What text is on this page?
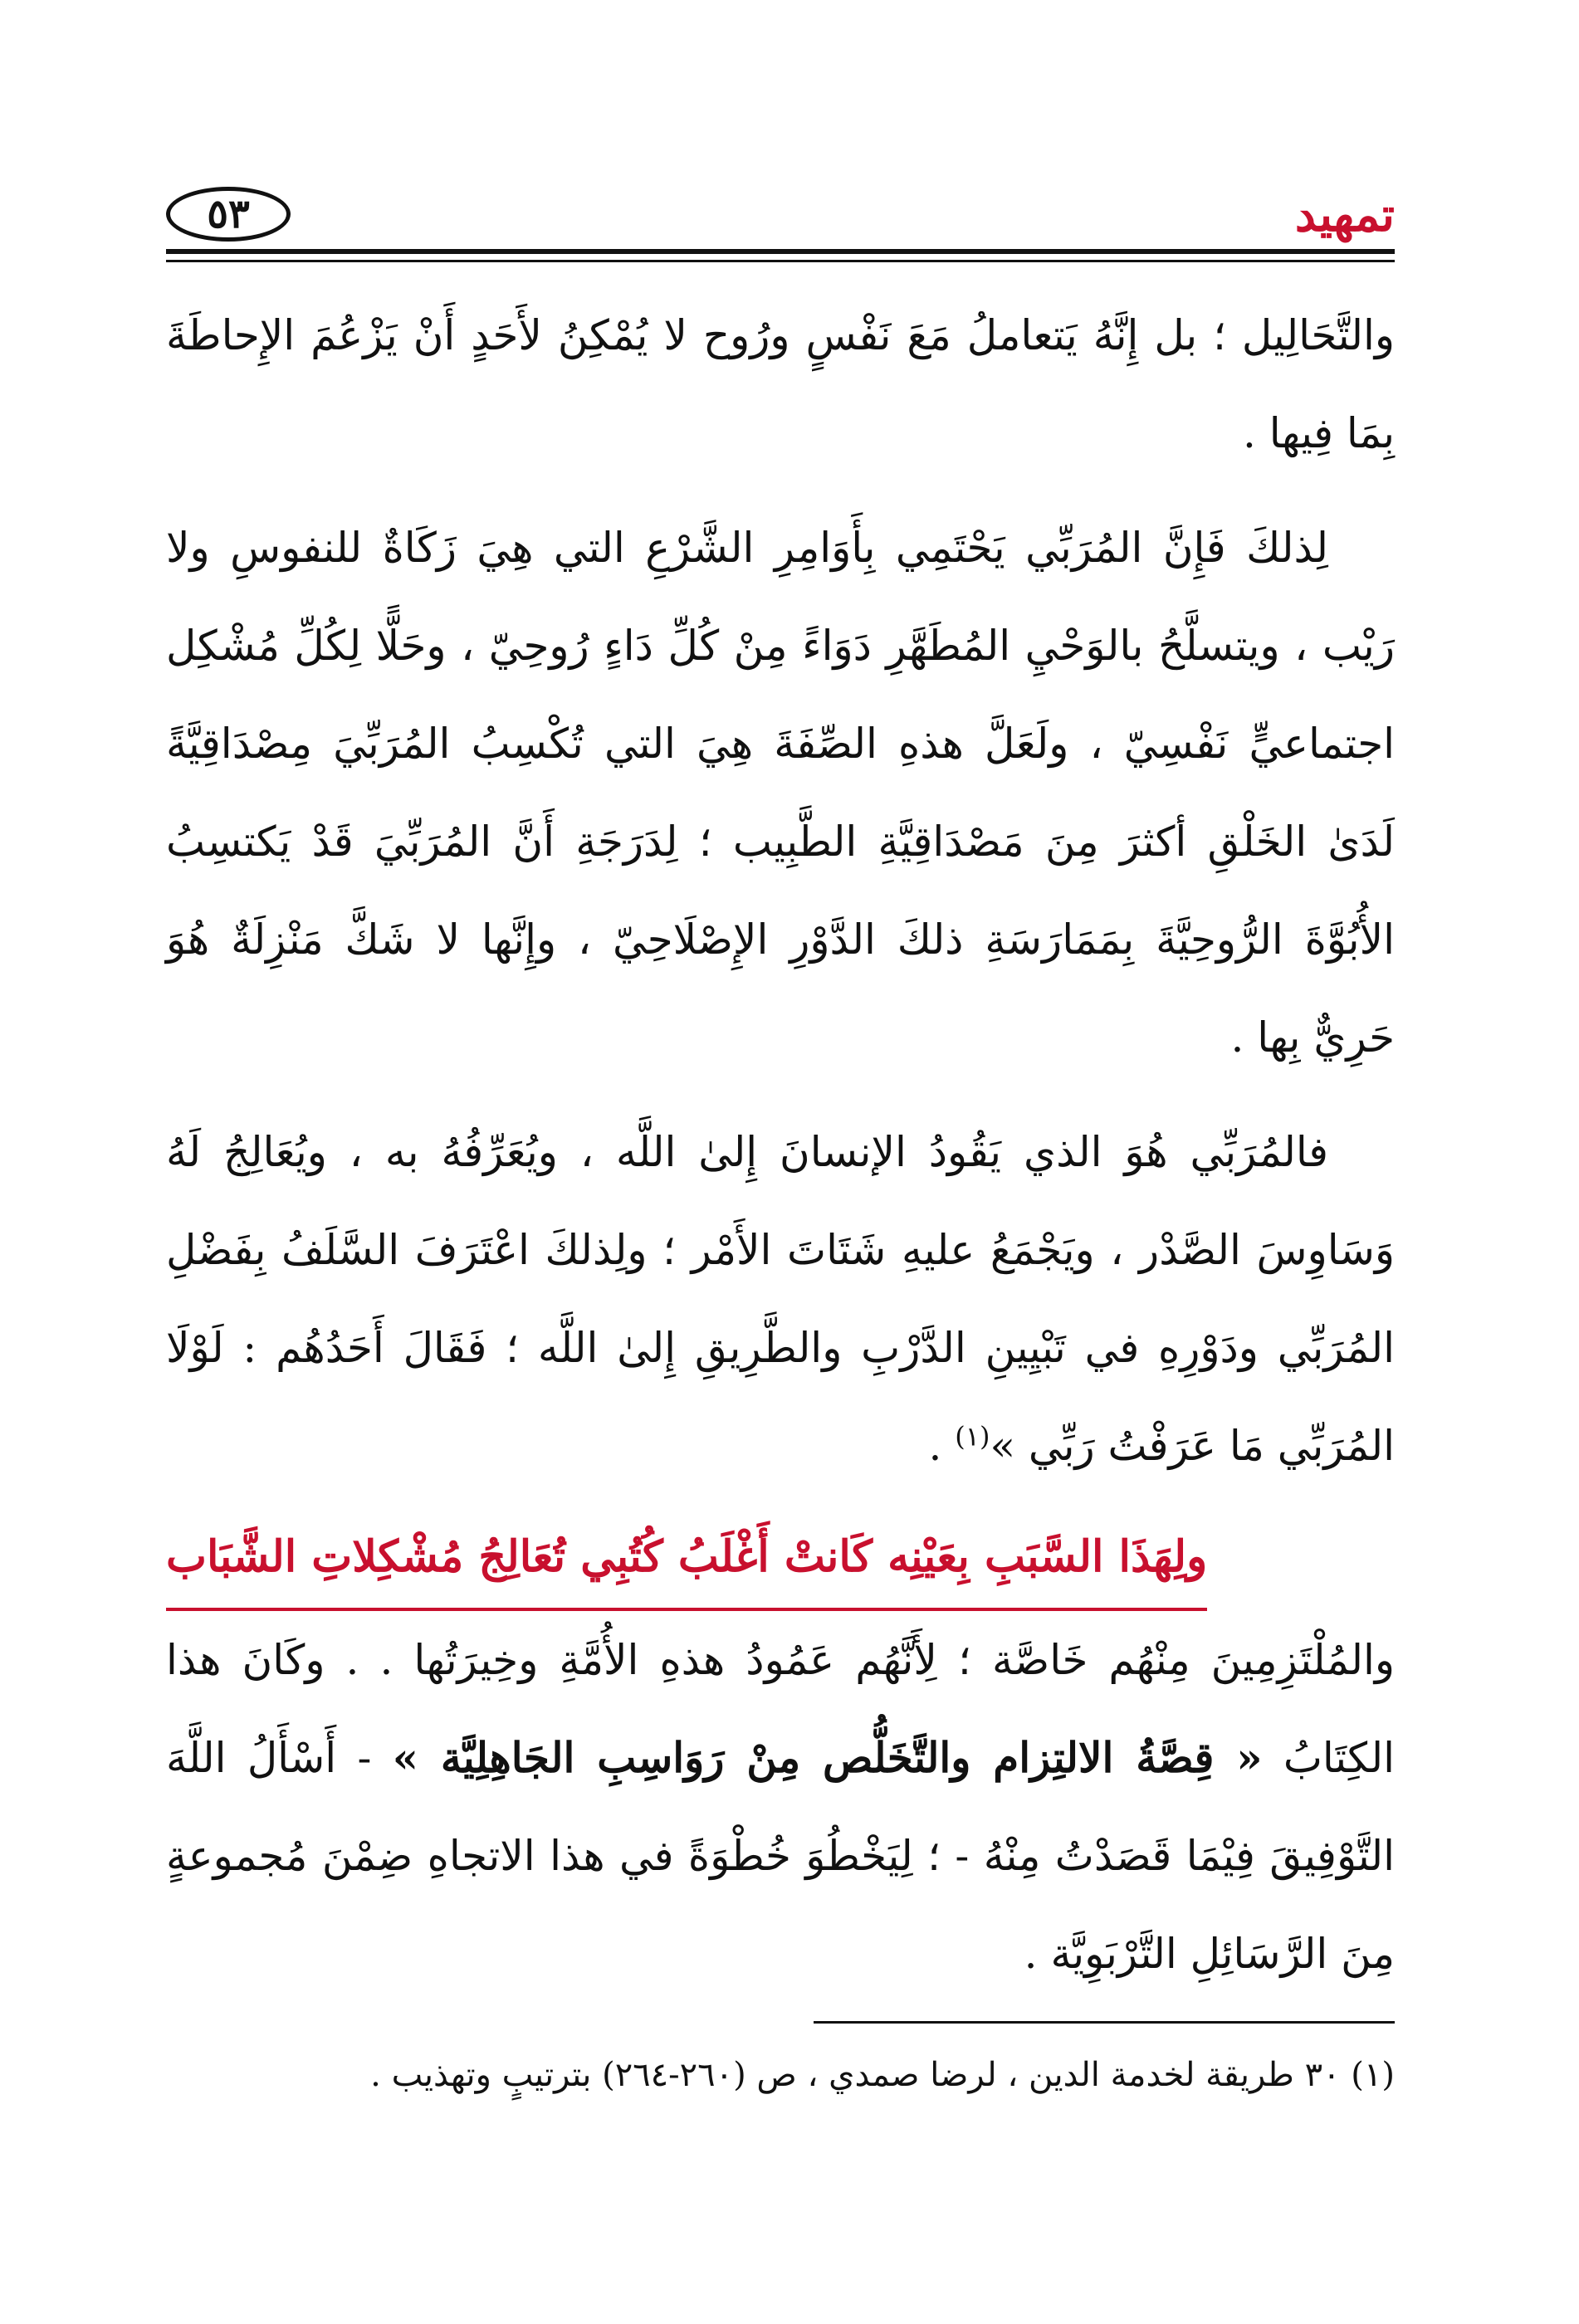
تمهيد
٥٣

والتَّحَالِيل ؛ بل إِنَّهُ يَتعاملُ مَعَ نَفْسٍ ورُوح لا يُمْكِنُ لأَحَدٍ أَنْ يَزْعُمَ الإِحاطَةَ بِمَا فِيها .

لِذلكَ فَإِنَّ المُرَبِّي يَحْتَمِي بِأَوَامِرِ الشَّرْعِ التي هِيَ زَكَاةٌ للنفوسِ ولا رَيْب ، ويتسلَّحُ بالوَحْيِ المُطَهَّرِ دَوَاءً مِنْ كُلِّ دَاءٍ رُوحِيّ ، وحَلًّا لِكُلِّ مُشْكِل اجتماعيٍّ نَفْسِيّ ، ولَعَلَّ هذهِ الصِّفَةَ هِيَ التي تُكْسِبُ المُرَبِّيَ مِصْدَاقِيَّةً لَدَىٰ الخَلْقِ أكثرَ مِنَ مَصْدَاقِيَّةِ الطَّبِيب ؛ لِدَرَجَةِ أَنَّ المُرَبِّيَ قَدْ يَكتسِبُ الأُبُوَّةَ الرُّوحِيَّةَ بِمَمَارَسَةِ ذلكَ الدَّوْرِ الإِصْلَاحِيّ ، وإِنَّها لا شَكَّ مَنْزِلَةٌ هُوَ حَرِيٌّ بِها .

فالمُرَبِّي هُوَ الذي يَقُودُ الإنسانَ إِلىٰ اللَّه ، ويُعَرِّفُهُ به ، ويُعَالِجُ لَهُ وَسَاوِسَ الصَّدْر ، ويَجْمَعُ عليهِ شَتَاتَ الأَمْر ؛ ولِذلكَ اعْتَرَفَ السَّلَفُ بِفَضْلِ المُرَبِّي ودَوْرِهِ في تَبْيِينِ الدَّرْبِ والطَّرِيقِ إِلىٰ اللَّه ؛ فَقَالَ أَحَدُهُم : لَوْلَا المُرَبِّي مَا عَرَفْتُ رَبِّي »$^{(١)}$ .

ولِهَذَا السَّبَبِ بِعَيْنِه كَانتْ أَغْلَبُ كُتُبِي تُعَالِجُ مُشْكِلاتِ الشَّبَاب

والمُلْتَزِمِينَ مِنْهُم خَاصَّة ؛ لِأَنَّهُم عَمُودُ هذهِ الأُمَّةِ وخِيرَتُها . . وكَانَ هذا الكِتَابُ « قِصَّةُ الالتِزام والتَّخَلُّص مِنْ رَوَاسِبِ الجَاهِلِيَّة » - أَسْأَلُ اللَّهَ التَّوْفِيقَ فِيْمَا قَصَدْتُ مِنْهُ - ؛ لِيَخْطُوَ خُطْوَةً في هذا الاتجاهِ ضِمْنَ مُجموعةٍ مِنَ الرَّسَائِلِ التَّرْبَوِيَّة .

(١) ٣٠ طريقة لخدمة الدين ، لرضا صمدي ، ص (٢٦٠-٢٦٤) بترتيبٍ وتهذيب .
